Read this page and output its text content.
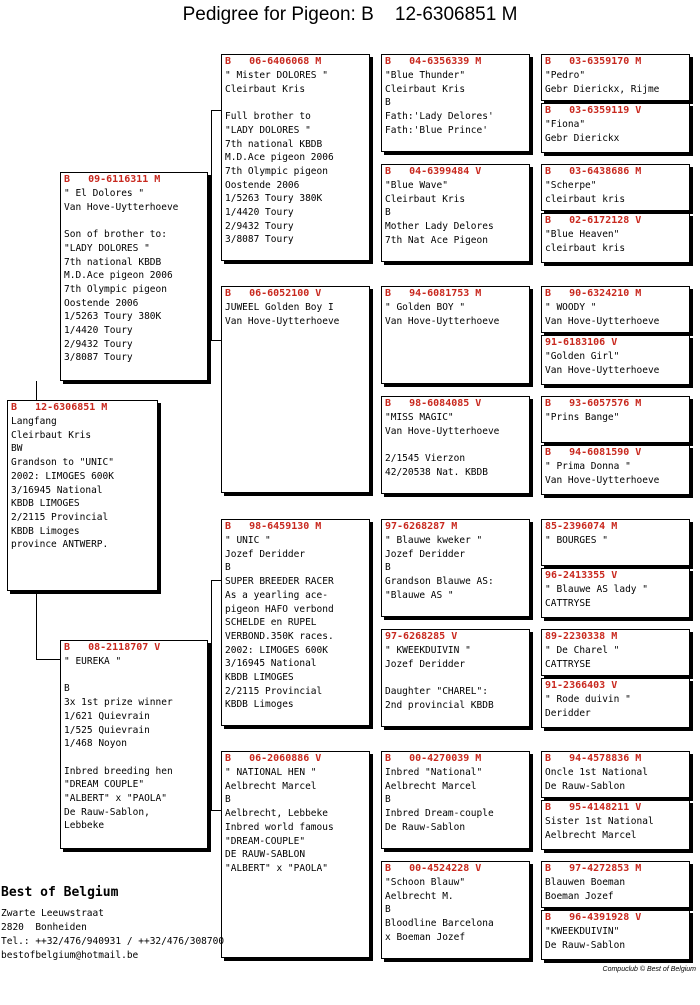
Pedigree for Pigeon: B    12-6306851 M
B   12-6306851 M
Langfang
Cleirbaut Kris
BW
Grandson to "UNIC"
2002: LIMOGES 600K
3/16945 National
KBDB LIMOGES
2/2115 Provincial
KBDB Limoges
province ANTWERP.
B   09-6116311 M
" El Dolores "
Van Hove-Uytterhoeve

Son of brother to:
"LADY DOLORES "
7th national KBDB
M.D.Ace pigeon 2006
7th Olympic pigeon
Oostende 2006
1/5263 Toury 380K
1/4420 Toury
2/9432 Toury
3/8087 Toury
B   08-2118707 V
" EUREKA "

B
3x 1st prize winner
1/621 Quievrain
1/525 Quievrain
1/468 Noyon

Inbred breeding hen
"DREAM COUPLE"
"ALBERT" x "PAOLA"
De Rauw-Sablon,
Lebbeke
B   06-6406068 M
" Mister DOLORES "
Cleirbaut Kris

Full brother to
"LADY DOLORES "
7th national KBDB
M.D.Ace pigeon 2006
7th Olympic pigeon
Oostende 2006
1/5263 Toury 380K
1/4420 Toury
2/9432 Toury
3/8087 Toury
B   06-6052100 V
JUWEEL Golden Boy I
Van Hove-Uytterhoeve
B   98-6459130 M
" UNIC "
Jozef Deridder
B
SUPER BREEDER RACER
As a yearling ace-
pigeon HAFO verbond
SCHELDE en RUPEL
VERBOND.350K races.
2002: LIMOGES 600K
3/16945 National
KBDB LIMOGES
2/2115 Provincial
KBDB Limoges
B   06-2060886 V
" NATIONAL HEN "
Aelbrecht Marcel
B
Aelbrecht, Lebbeke
Inbred world famous
"DREAM-COUPLE"
DE RAUW-SABLON
"ALBERT" x "PAOLA"
B   04-6356339 M
"Blue Thunder"
Cleirbaut Kris
B
Fath:'Lady Delores'
Fath:'Blue Prince'
B   04-6399484 V
"Blue Wave"
Cleirbaut Kris
B
Mother Lady Delores
7th Nat Ace Pigeon
B   94-6081753 M
" Golden BOY "
Van Hove-Uytterhoeve
B   98-6084085 V
"MISS MAGIC"
Van Hove-Uytterhoeve

2/1545 Vierzon
42/20538 Nat. KBDB
97-6268287 M
" Blauwe kweker "
Jozef Deridder
B
Grandson Blauwe AS:
"Blauwe AS "
97-6268285 V
" KWEEKDUIVIN "
Jozef Deridder

Daughter "CHAREL":
2nd provincial KBDB
B   00-4270039 M
Inbred "National"
Aelbrecht Marcel
B
Inbred Dream-couple
De Rauw-Sablon
B   00-4524228 V
"Schoon Blauw"
Aelbrecht M.
B
Bloodline Barcelona
x Boeman Jozef
B   03-6359170 M
"Pedro"
Gebr Dierickx, Rijme
B   03-6359119 V
"Fiona"
Gebr Dierickx
B   03-6438686 M
"Scherpe"
cleirbaut kris
B   02-6172128 V
"Blue Heaven"
cleirbaut kris
B   90-6324210 M
" WOODY "
Van Hove-Uytterhoeve
91-6183106 V
"Golden Girl"
Van Hove-Uytterhoeve
B   93-6057576 M
"Prins Bange"
B   94-6081590 V
" Prima Donna "
Van Hove-Uytterhoeve
85-2396074 M
" BOURGES "
96-2413355 V
" Blauwe AS lady "
CATTRYSE
89-2230338 M
" De Charel "
CATTRYSE
91-2366403 V
" Rode duivin "
Deridder
B   94-4578836 M
Oncle 1st National
De Rauw-Sablon
B   95-4148211 V
Sister 1st National
Aelbrecht Marcel
B   97-4272853 M
Blauwen Boeman
Boeman Jozef
B   96-4391928 V
"KWEEKDUIVIN"
De Rauw-Sablon
Best of Belgium
Zwarte Leeuwstraat
2820  Bonheiden
Tel.: ++32/476/940931 / ++32/476/308700
bestofbelgium@hotmail.be
Compuclub © Best of Belgium
